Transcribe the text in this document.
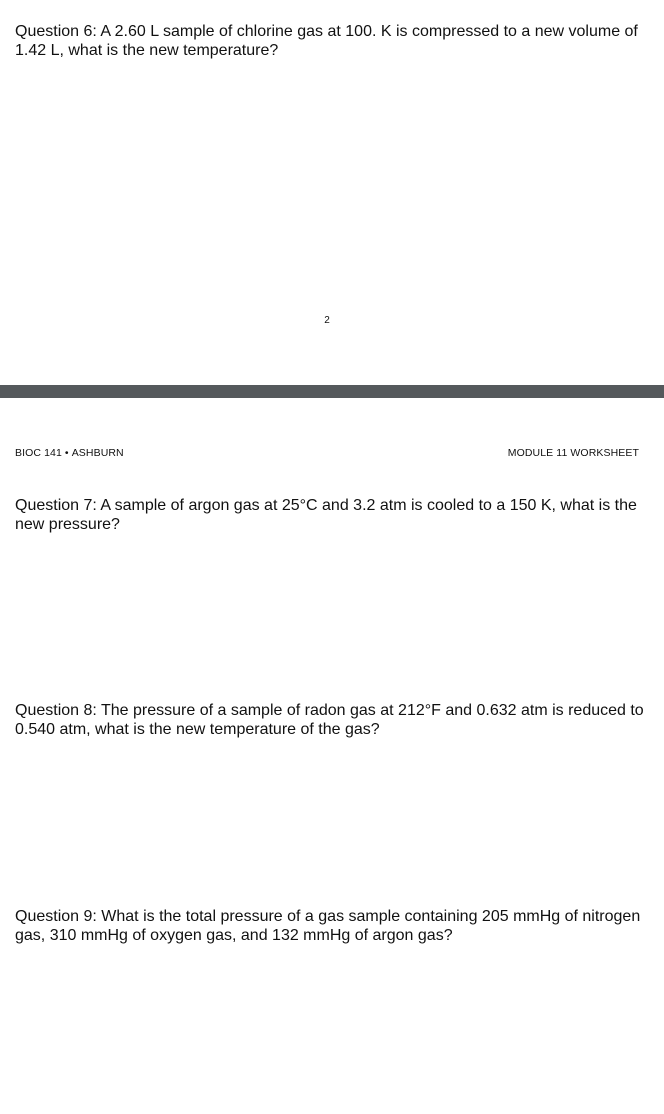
Question 6: A 2.60 L sample of chlorine gas at 100. K is compressed to a new volume of 1.42 L, what is the new temperature?

2
BIOC 141 • ASHBURN	MODULE 11 WORKSHEET

Question 7: A sample of argon gas at 25°C and 3.2 atm is cooled to a 150 K, what is the new pressure?

Question 8: The pressure of a sample of radon gas at 212°F and 0.632 atm is reduced to 0.540 atm, what is the new temperature of the gas?

Question 9: What is the total pressure of a gas sample containing 205 mmHg of nitrogen gas, 310 mmHg of oxygen gas, and 132 mmHg of argon gas?
